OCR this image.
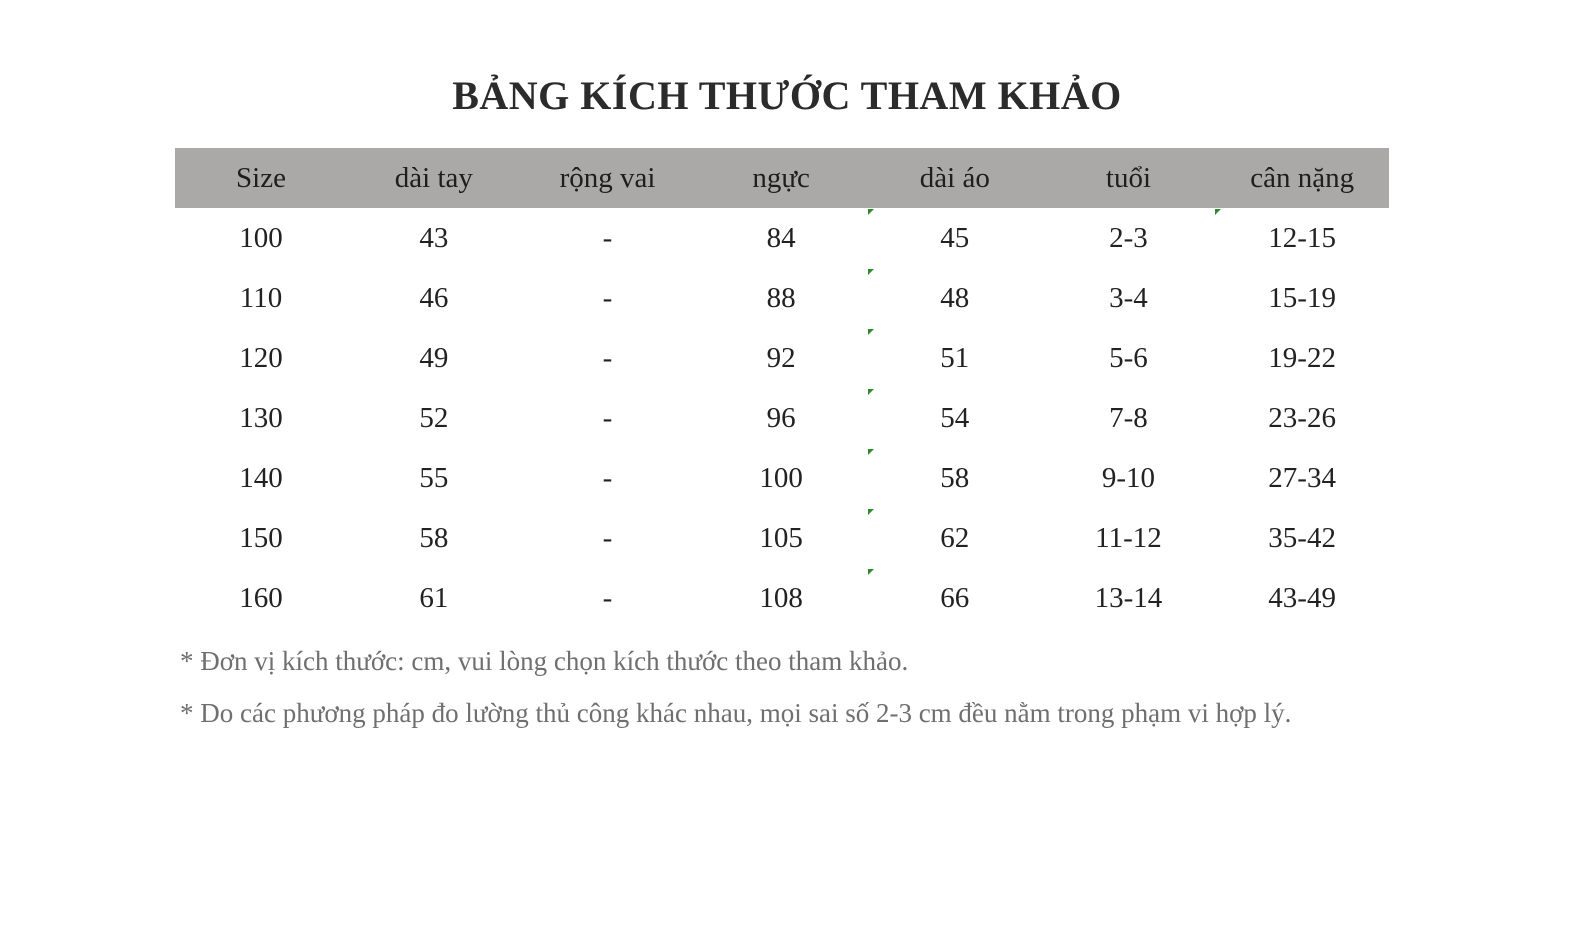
BẢNG KÍCH THƯỚC THAM KHẢO
Size	dài tay	rộng vai	ngực	dài áo	tuổi	cân nặng
100	43	-	84	45	2-3	12-15
110	46	-	88	48	3-4	15-19
120	49	-	92	51	5-6	19-22
130	52	-	96	54	7-8	23-26
140	55	-	100	58	9-10	27-34
150	58	-	105	62	11-12	35-42
160	61	-	108	66	13-14	43-49

* Đơn vị kích thước: cm, vui lòng chọn kích thước theo tham khảo.

* Do các phương pháp đo lường thủ công khác nhau, mọi sai số 2-3 cm đều nằm trong phạm vi hợp lý.
